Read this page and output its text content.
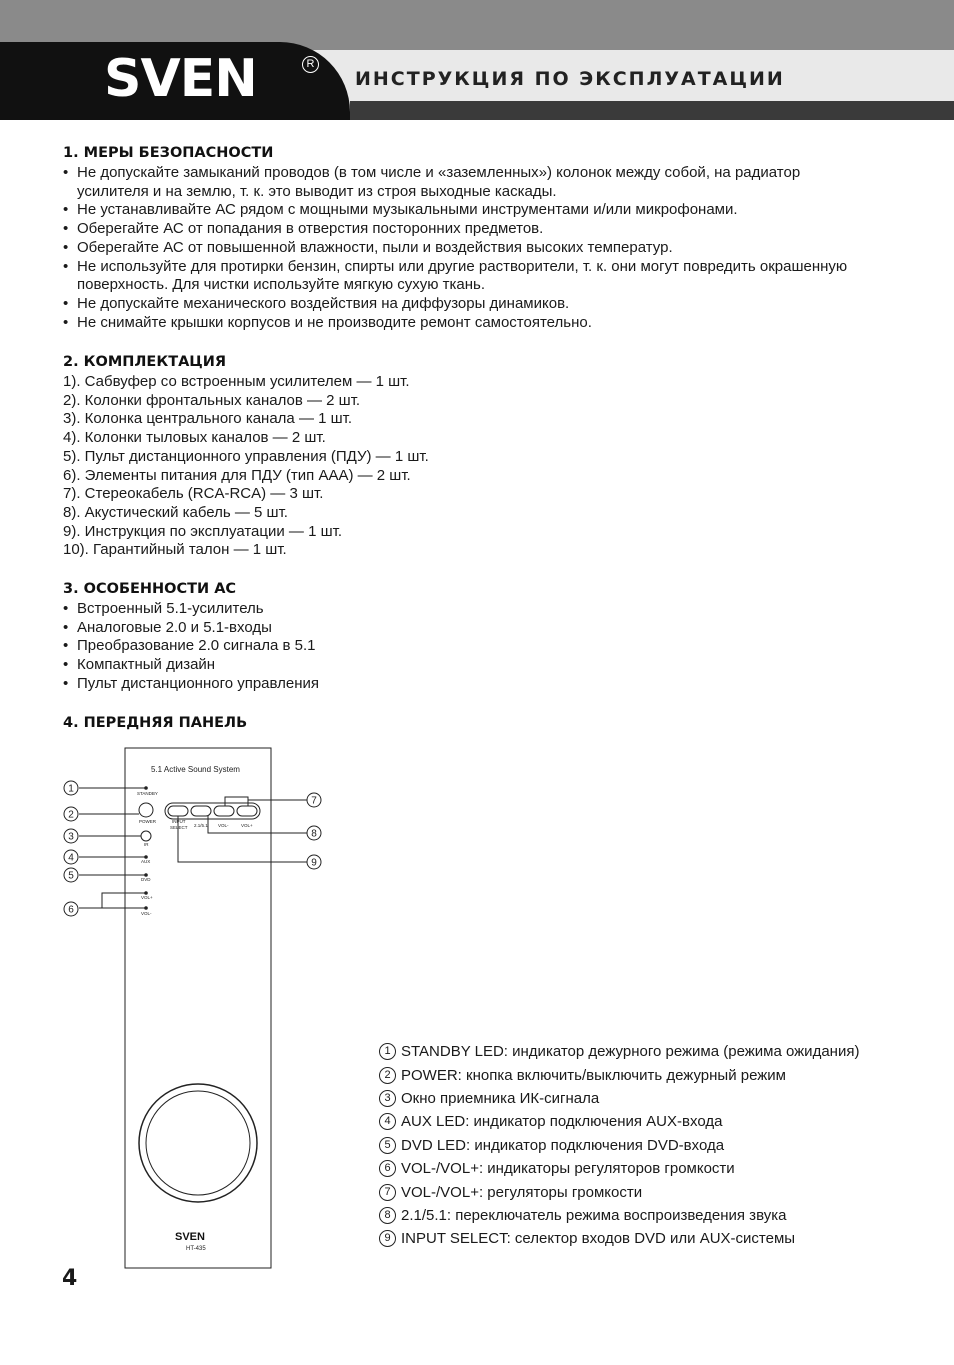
ИНСТРУКЦИЯ ПО ЭКСПЛУАТАЦИИ
SVEN	R
1. МЕРЫ БЕЗОПАСНОСТИ
• Не допускайте замыканий проводов (в том числе и «заземленных») колонок между собой, на радиатор
усилителя и на землю, т. к. это выводит из строя выходные каскады.
• Не устанавливайте АС рядом с мощными музыкальными инструментами и/или микрофонами.
• Оберегайте АС от попадания в отверстия посторонних предметов.
• Оберегайте АС от повышенной влажности, пыли и воздействия высоких температур.
• Не используйте для протирки бензин, спирты или другие растворители, т. к. они могут повредить окрашенную
поверхность. Для чистки используйте мягкую сухую ткань.
• Не допускайте механического воздействия на диффузоры динамиков.
• Не снимайте крышки корпусов и не производите ремонт самостоятельно.
2. КОМПЛЕКТАЦИЯ
1). Сабвуфер со встроенным усилителем — 1 шт.
2). Колонки фронтальных каналов — 2 шт.
3). Колонка центрального канала — 1 шт.
4). Колонки тыловых каналов — 2 шт.
5). Пульт дистанционного управления (ПДУ) — 1 шт.
6). Элементы питания для ПДУ (тип ААА) — 2 шт.
7). Стереокабель (RCA-RCA) — 3 шт.
8). Акустический кабель — 5 шт.
9). Инструкция по эксплуатации — 1 шт.
10). Гарантийный талон — 1 шт.
3. ОСОБЕННОСТИ АС
• Встроенный 5.1-усилитель
• Аналоговые 2.0 и 5.1-входы
• Преобразование 2.0 сигнала в 5.1
• Компактный дизайн
• Пульт дистанционного управления
4. ПЕРЕДНЯЯ ПАНЕЛЬ
5.1 Active Sound System
STANDBY
POWER
IR
AUX
DVD
VOL+
VOL-
INPUT
SELECT 2.1/5.1 VOL-	VOL+
SVEN
HT-435
1
2
3
4
5
6
7
8
9
1 STANDBY LED: индикатор дежурного режима (режима ожидания)
2 POWER: кнопка включить/выключить дежурный режим
3 Окно приемника ИК-сигнала
4 AUX LED: индикатор подключения AUX-входа
5 DVD LED: индикатор подключения DVD-входа
6 VOL-/VOL+: индикаторы регуляторов громкости
7 VOL-/VOL+: регуляторы громкости
8 2.1/5.1: переключатель режима воспроизведения звука
9 INPUT SELECT: селектор входов DVD или AUX-системы
4
